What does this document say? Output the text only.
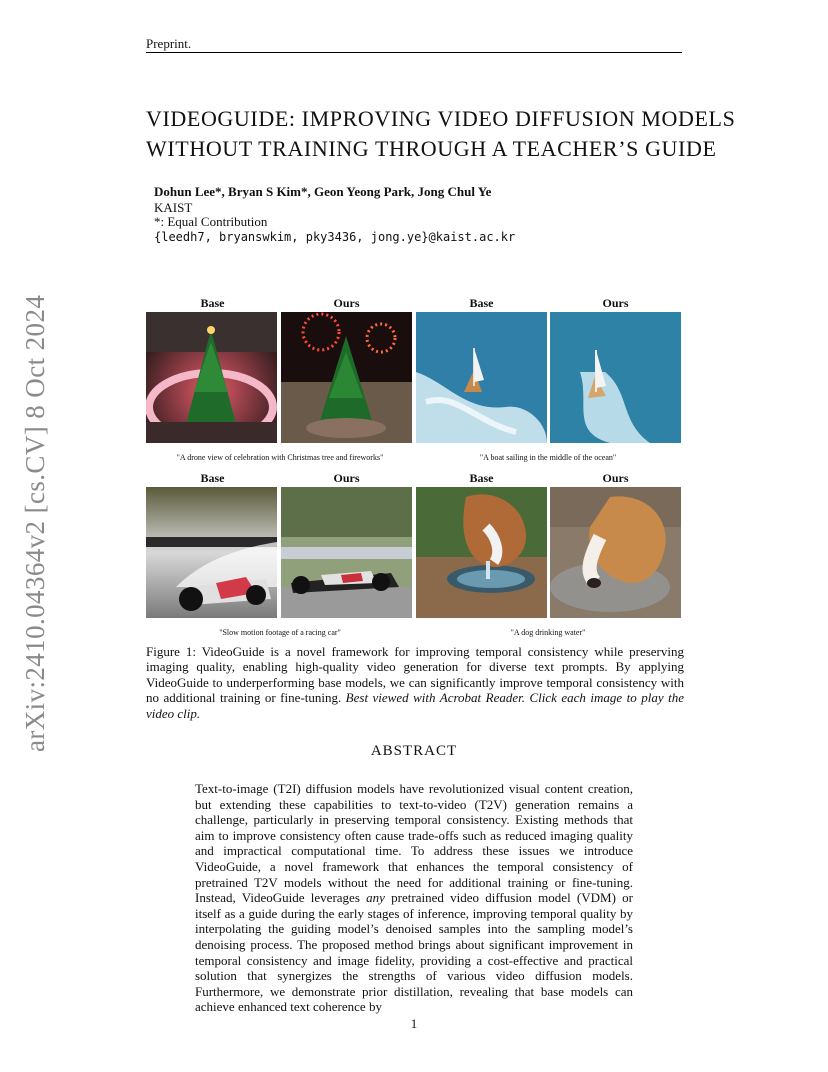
Preprint.
arXiv:2410.04364v2 [cs.CV] 8 Oct 2024
VIDEOGUIDE: IMPROVING VIDEO DIFFUSION MODELS
WITHOUT TRAINING THROUGH A TEACHER’S GUIDE
Dohun Lee*, Bryan S Kim*, Geon Yeong Park, Jong Chul Ye
KAIST
*: Equal Contribution
{leedh7, bryanswkim, pky3436, jong.ye}@kaist.ac.kr
Base	Ours	Base	Ours
"A drone view of celebration with Christmas tree and fireworks"	"A boat sailing in the middle of the ocean"
Base	Ours	Base	Ours
"Slow motion footage of a racing car"	"A dog drinking water"
Figure 1: VideoGuide is a novel framework for improving temporal consistency while preserving imaging quality, enabling high-quality video generation for diverse text prompts. By applying VideoGuide to underperforming base models, we can significantly improve temporal consistency with no additional training or fine-tuning. Best viewed with Acrobat Reader. Click each image to play the video clip.
ABSTRACT
Text-to-image (T2I) diffusion models have revolutionized visual content creation, but extending these capabilities to text-to-video (T2V) generation remains a challenge, particularly in preserving temporal consistency. Existing methods that aim to improve consistency often cause trade-offs such as reduced imaging quality and impractical computational time. To address these issues we introduce VideoGuide, a novel framework that enhances the temporal consistency of pretrained T2V models without the need for additional training or fine-tuning. Instead, VideoGuide leverages any pretrained video diffusion model (VDM) or itself as a guide during the early stages of inference, improving temporal quality by interpolating the guiding model’s denoised samples into the sampling model’s denoising process. The proposed method brings about significant improvement in temporal consistency and image fidelity, providing a cost-effective and practical solution that synergizes the strengths of various video diffusion models. Furthermore, we demonstrate prior distillation, revealing that base models can achieve enhanced text coherence by
1
